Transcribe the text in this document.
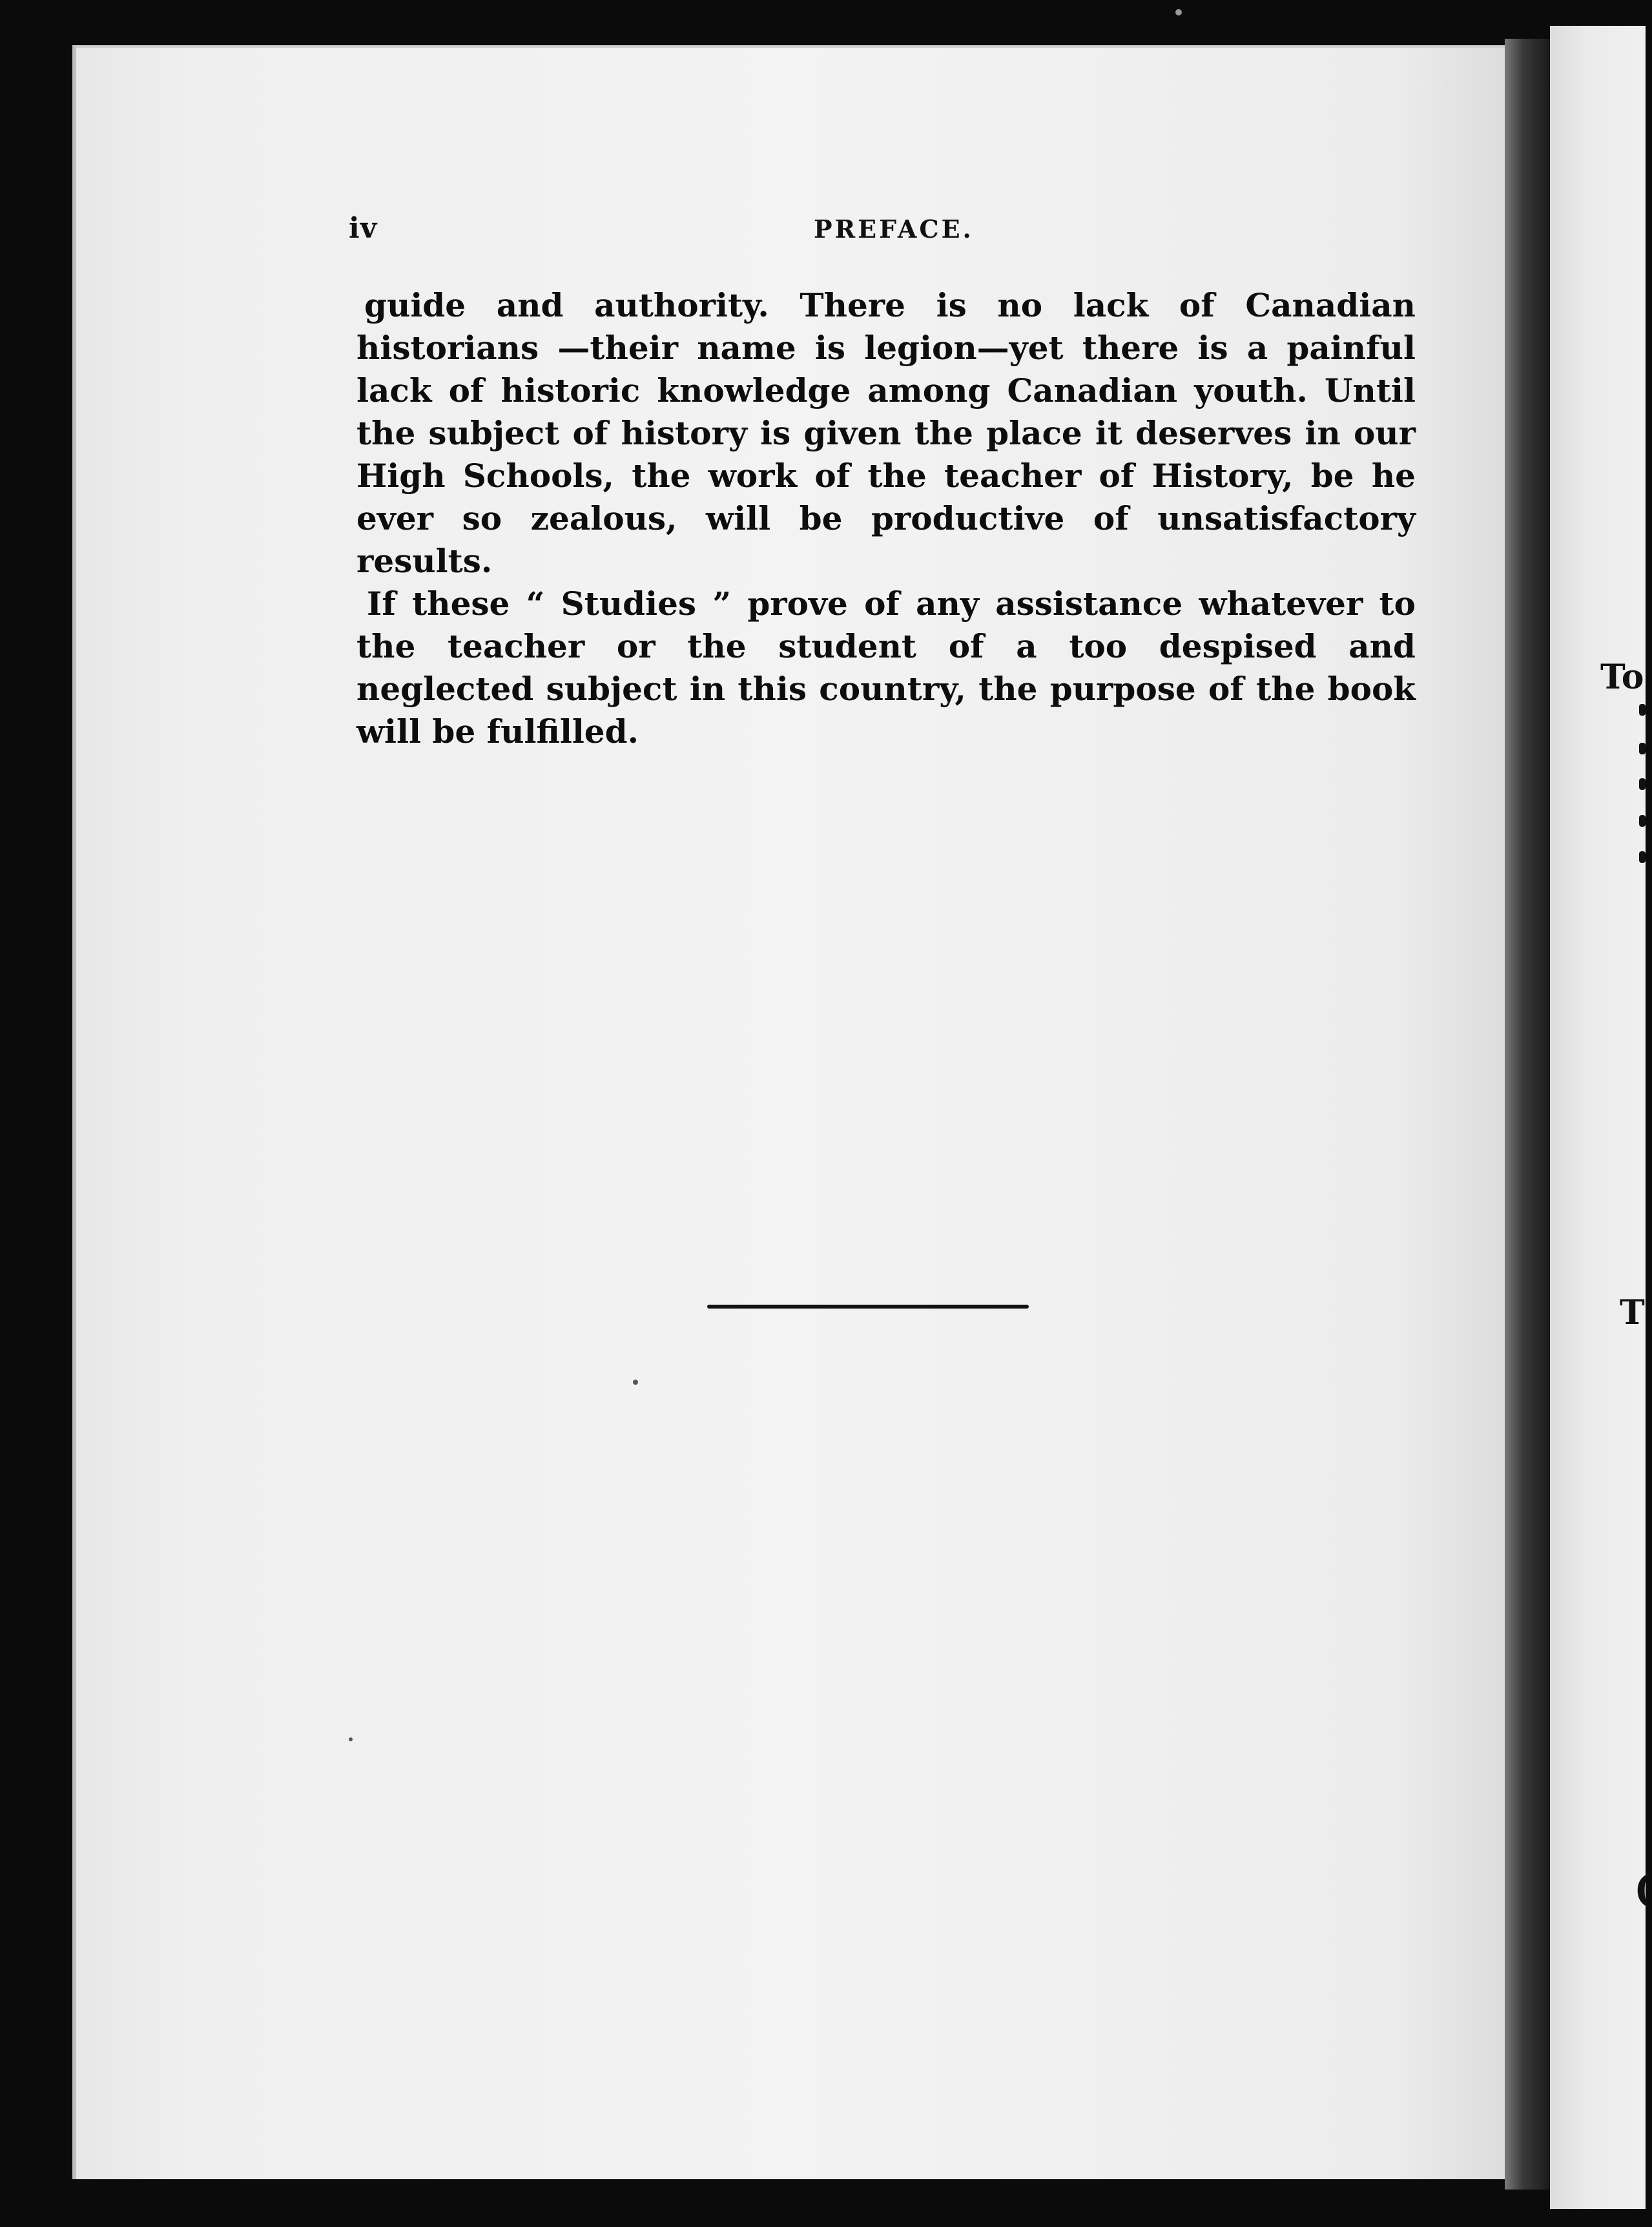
iv	PREFACE.

guide and authority. There is no lack of Canadian historians —their name is legion—yet there is a painful lack of historic knowledge among Canadian youth. Until the subject of history is given the place it deserves in our High Schools, the work of the teacher of History, be he ever so zealous, will be productive of unsatisfactory results.

If these “ Studies ” prove of any assistance whatever to the teacher or the student of a too despised and neglected subject in this country, the purpose of the book will be fulfilled.

To
T
(
